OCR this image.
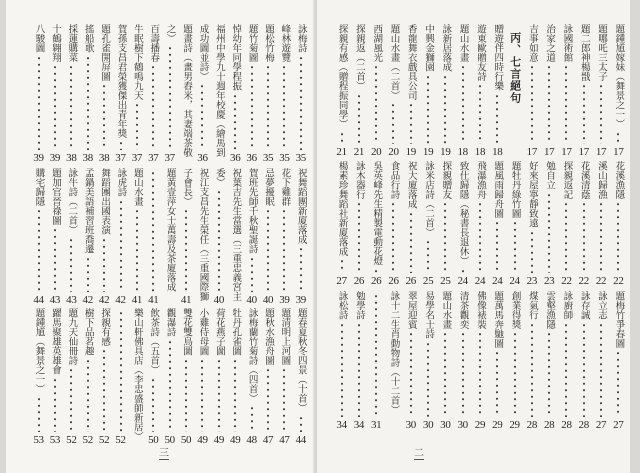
詠梅詩
35
峰林遊覽
35
題松竹梅
35
題竹菊圖
36
悼幼年同學程振
36
福州中學九十週年校慶（繪馬到
成功圖並詩）
36
題畫詩（畫男舂米，其妻端茶敬
之）
37
百壽播春
37
牛眠樹下鶴鳴九天
37
賀孫支昌君榮獲傑出青年獎
37
題孔雀開屏圖
38
搖船歌
38
採蓮購菜
38
十鶴翱翔
39
八駿圖
39
祝舞蹈團新廈落成
39
花下雞群
39
忌夢擾眠
40
賀班先師千秋聖誕詩
40
祝葉吉先生當選（三重忠義宮主
委）
40
祝江支昌先生榮任（三重國際獅
子會長）
41
題黃壹萍女士萬壽及茶廈落成
41
題山水畫
41
詠虎詩
42
舞蹈團出國表演
42
孟鍋美語補習班喬遷
42
詠牛詩（二首）
43
題加官晉祿圖
43
購宅歸隱
44
題春夏秋冬四景（十首）
44
題清明上河圖
47
題秋水漁舟圖
47
詠梅蘭竹菊詩（四首）
48
牡丹孔雀圖
49
荷花燕子圖
49
小雞侍母圖
49
雙花雙鳥圖
50
觀瀑詩
50
飲茶詩（五首）
50
樂山軒佛具店（李忠盛師新居）
52
探親有感
52
樹下品茗趣
52
題九天仙冊詩
52
躍馬聚雄英雄會
53
題鍾馗（舞景之一）
53
三
題鍾馗嫁妹（舞景之一）
17
題哪吒三太子
17
題二郎神楊戩
17
詠國術館
17
治家之道
17
吉事如意
17
丙、七言絕句
贈遊伴四時行樂
18
遊東歐贈友詩
18
題山水畫
18
詠新居落成
19
中興金獅園
19
香龍舞衣戲具公司
19
題山水畫（二首）
20
西湖風光
20
探親返（二首）
21
探親有感（贈程振同學）
21
花溪漁隱
22
溪山歸漁
22
花溪清蔭
22
探親返記
22
勉自立
23
好來屋寧靜致遠
23
題牡丹綠竹圖
24
題風雨歸舟圖
24
飛瀑漁舟
24
致仕歸隱（秘書長退休）
24
探親贈友
25
詠米店詩（二首）
25
祝大廈落成
26
食品行詩
26
吳英峰先生精製電動花燈
26
詠木器行
26
楊素珍舞蹈社新廈落成
27
題梅竹爭春圖
27
詠立志
27
詠存誠
28
詠廚師
28
雲壑漁隱
28
煤氣行
28
創業得獎
29
題萬馬奔馳圖
29
佛像裱裝
29
清茶觀奕
30
題山水畫
30
易學名士詩
30
翠屋迎賓
30
詠十二生肖動物詩（十二首）
31
勉學詩
34
詠松詩
34
二
